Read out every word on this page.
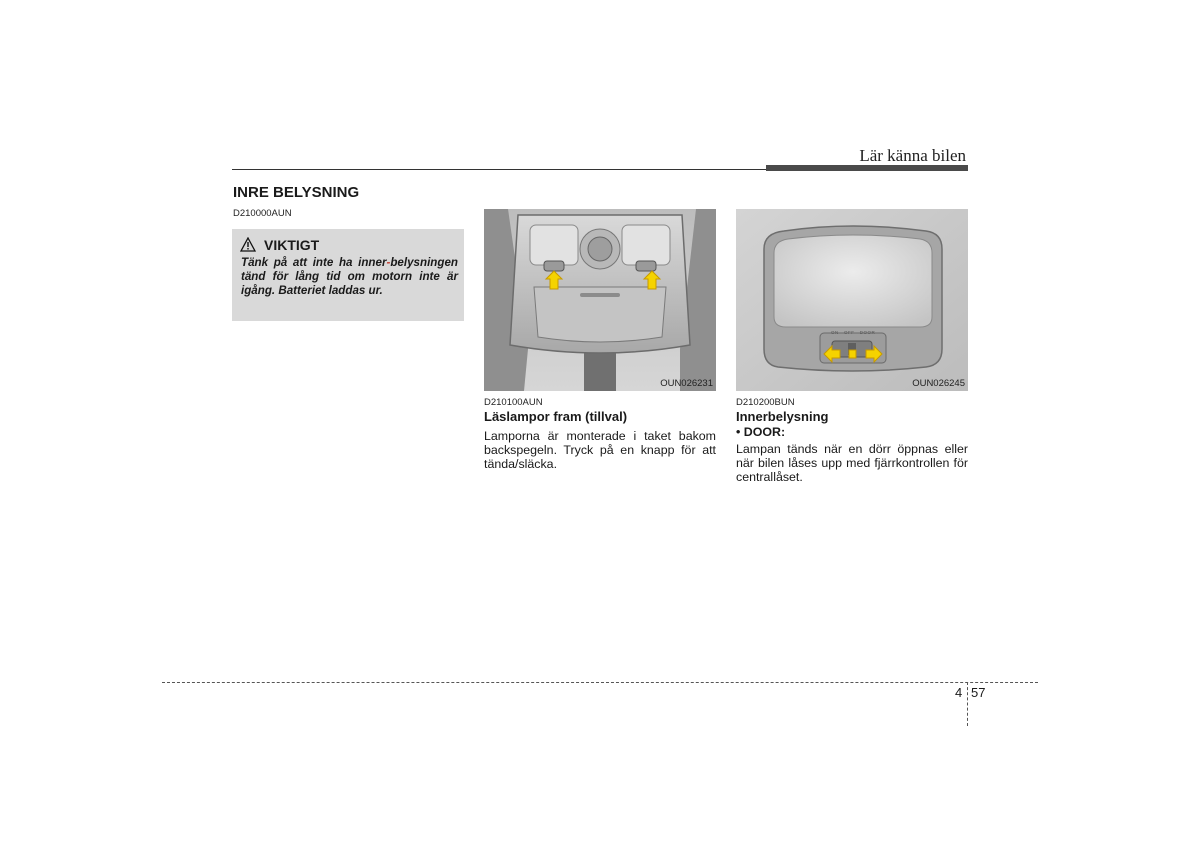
Lär känna bilen
INRE BELYSNING
D210000AUN
VIKTIGT
Tänk på att inte ha inner-belysningen tänd för lång tid om motorn inte är igång. Batteriet laddas ur.
OUN026231
D210100AUN
Läslampor fram (tillval)
Lamporna är monterade i taket bakom backspegeln. Tryck på en knapp för att tända/släcka.
ON OFF DOOR
OUN026245
D210200BUN
Innerbelysning
• DOOR:
Lampan tänds när en dörr öppnas eller när bilen låses upp med fjärrkontrollen för centrallåset.
4 57
